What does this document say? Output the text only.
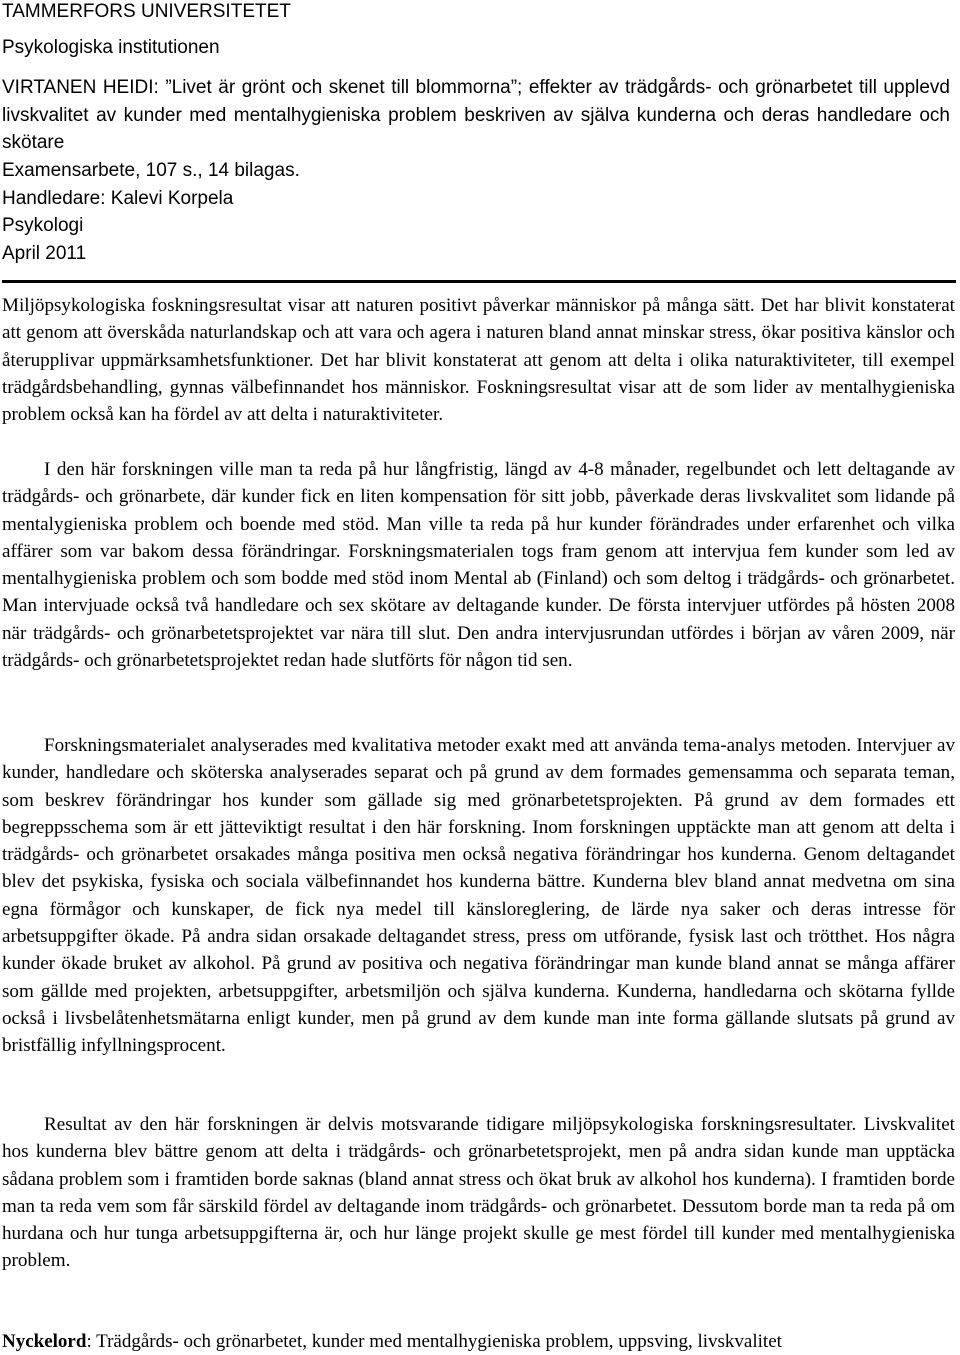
TAMMERFORS UNIVERSITETET
Psykologiska institutionen
VIRTANEN HEIDI: ”Livet är grönt och skenet till blommorna”; effekter av trädgårds- och grönarbetet till upplevd livskvalitet av kunder med mentalhygieniska problem beskriven av själva kunderna och deras handledare och skötare
Examensarbete, 107 s., 14 bilagas.
Handledare: Kalevi Korpela
Psykologi
April 2011

Miljöpsykologiska foskningsresultat visar att naturen positivt påverkar människor på många sätt. Det har blivit konstaterat att genom att överskåda naturlandskap och att vara och agera i naturen bland annat minskar stress, ökar positiva känslor och återupplivar uppmärksamhetsfunktioner. Det har blivit konstaterat att genom att delta i olika naturaktiviteter, till exempel trädgårdsbehandling, gynnas välbefinnandet hos människor. Foskningsresultat visar att de som lider av mentalhygieniska problem också kan ha fördel av att delta i naturaktiviteter.

I den här forskningen ville man ta reda på hur långfristig, längd av 4-8 månader, regelbundet och lett deltagande av trädgårds- och grönarbete, där kunder fick en liten kompensation för sitt jobb, påverkade deras livskvalitet som lidande på mentalygieniska problem och boende med stöd. Man ville ta reda på hur kunder förändrades under erfarenhet och vilka affärer som var bakom dessa förändringar. Forskningsmaterialen togs fram genom att intervjua fem kunder som led av mentalhygieniska problem och som bodde med stöd inom Mental ab (Finland) och som deltog i trädgårds- och grönarbetet. Man intervjuade också två handledare och sex skötare av deltagande kunder. De första intervjuer utfördes på hösten 2008 när trädgårds- och grönarbetetsprojektet var nära till slut. Den andra intervjusrundan utfördes i början av våren 2009, när trädgårds- och grönarbetetsprojektet redan hade slutförts för någon tid sen.

Forskningsmaterialet analyserades med kvalitativa metoder exakt med att använda tema-analys metoden. Intervjuer av kunder, handledare och sköterska analyserades separat och på grund av dem formades gemensamma och separata teman, som beskrev förändringar hos kunder som gällade sig med grönarbetetsprojekten. På grund av dem formades ett begreppsschema som är ett jätteviktigt resultat i den här forskning. Inom forskningen upptäckte man att genom att delta i trädgårds- och grönarbetet orsakades många positiva men också negativa förändringar hos kunderna. Genom deltagandet blev det psykiska, fysiska och sociala välbefinnandet hos kunderna bättre. Kunderna blev bland annat medvetna om sina egna förmågor och kunskaper, de fick nya medel till känsloreglering, de lärde nya saker och deras intresse för arbetsuppgifter ökade. På andra sidan orsakade deltagandet stress, press om utförande, fysisk last och trötthet. Hos några kunder ökade bruket av alkohol. På grund av positiva och negativa förändringar man kunde bland annat se många affärer som gällde med projekten, arbetsuppgifter, arbetsmiljön och själva kunderna. Kunderna, handledarna och skötarna fyllde också i livsbelåtenhetsmätarna enligt kunder, men på grund av dem kunde man inte forma gällande slutsats på grund av bristfällig infyllningsprocent.

Resultat av den här forskningen är delvis motsvarande tidigare miljöpsykologiska forskningsresultater. Livskvalitet hos kunderna blev bättre genom att delta i trädgårds- och grönarbetetsprojekt, men på andra sidan kunde man upptäcka sådana problem som i framtiden borde saknas (bland annat stress och ökat bruk av alkohol hos kunderna). I framtiden borde man ta reda vem som får särskild fördel av deltagande inom trädgårds- och grönarbetet. Dessutom borde man ta reda på om hurdana och hur tunga arbetsuppgifterna är, och hur länge projekt skulle ge mest fördel till kunder med mentalhygieniska problem.

Nyckelord: Trädgårds- och grönarbetet, kunder med mentalhygieniska problem, uppsving, livskvalitet
